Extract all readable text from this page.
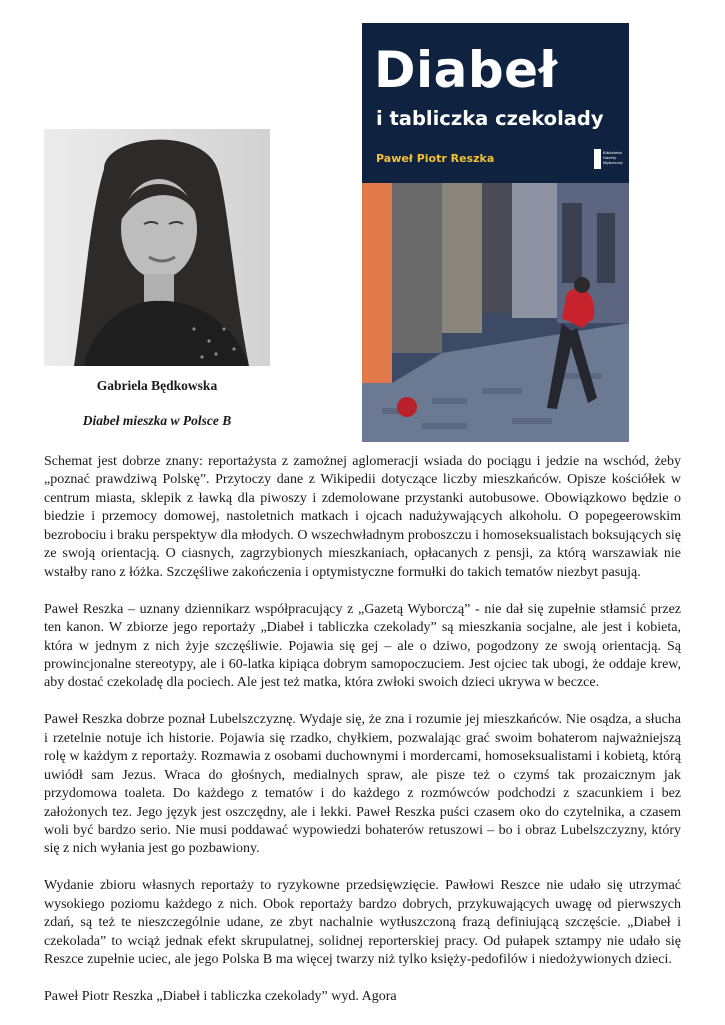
Gabriela Będkowska
Diabeł mieszka w Polsce B
Diabeł
i tabliczka czekolady
Paweł Piotr Reszka	Biblioteka
Gazety
Wyborczej

Schemat jest dobrze znany: reportażysta z zamożnej aglomeracji wsiada do pociągu i jedzie na wschód, żeby „poznać prawdziwą Polskę”. Przytoczy dane z Wikipedii dotyczące liczby mieszkańców. Opisze kościółek w centrum miasta, sklepik z ławką dla piwoszy i zdemolowane przystanki autobusowe. Obowiązkowo będzie o biedzie i przemocy domowej, nastoletnich matkach i ojcach nadużywających alkoholu. O popegeerowskim bezrobociu i braku perspektyw dla młodych. O wszechwładnym proboszczu i homoseksualistach boksujących się ze swoją orientacją. O ciasnych, zagrzybionych mieszkaniach, opłacanych z pensji, za którą warszawiak nie wstałby rano z łóżka. Szczęśliwe zakończenia i optymistyczne formułki do takich tematów niezbyt pasują.

Paweł Reszka – uznany dziennikarz współpracujący z „Gazetą Wyborczą” - nie dał się zupełnie stłamsić przez ten kanon. W zbiorze jego reportaży „Diabeł i tabliczka czekolady” są mieszkania socjalne, ale jest i kobieta, która w jednym z nich żyje szczęśliwie. Pojawia się gej – ale o dziwo, pogodzony ze swoją orientacją. Są prowincjonalne stereotypy, ale i 60-latka kipiąca dobrym samopoczuciem. Jest ojciec tak ubogi, że oddaje krew, aby dostać czekoladę dla pociech. Ale jest też matka, która zwłoki swoich dzieci ukrywa w beczce.

Paweł Reszka dobrze poznał Lubelszczyznę. Wydaje się, że zna i rozumie jej mieszkańców. Nie osądza, a słucha i rzetelnie notuje ich historie. Pojawia się rzadko, chyłkiem, pozwalając grać swoim bohaterom najważniejszą rolę w każdym z reportaży. Rozmawia z osobami duchownymi i mordercami, homoseksualistami i kobietą, którą uwiódł sam Jezus. Wraca do głośnych, medialnych spraw, ale pisze też o czymś tak prozaicznym jak przydomowa toaleta. Do każdego z tematów i do każdego z rozmówców podchodzi z szacunkiem i bez założonych tez. Jego język jest oszczędny, ale i lekki. Paweł Reszka puści czasem oko do czytelnika, a czasem woli być bardzo serio. Nie musi poddawać wypowiedzi bohaterów retuszowi – bo i obraz Lubelszczyzny, który się z nich wyłania jest go pozbawiony.

Wydanie zbioru własnych reportaży to ryzykowne przedsięwzięcie. Pawłowi Reszce nie udało się utrzymać wysokiego poziomu każdego z nich. Obok reportaży bardzo dobrych, przykuwających uwagę od pierwszych zdań, są też te nieszczególnie udane, ze zbyt nachalnie wytłuszczoną frazą definiującą szczęście. „Diabeł i czekolada” to wciąż jednak efekt skrupulatnej, solidnej reporterskiej pracy. Od pułapek sztampy nie udało się Reszce zupełnie uciec, ale jego Polska B ma więcej twarzy niż tylko księży-pedofilów i niedożywionych dzieci.

Paweł Piotr Reszka „Diabeł i tabliczka czekolady” wyd. Agora
